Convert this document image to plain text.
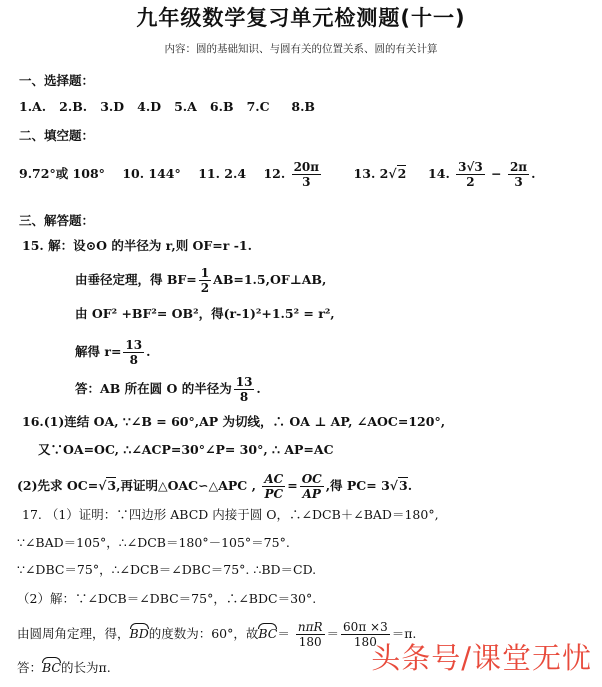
九年级数学复习单元检测题(十一)
内容：圆的基础知识、与圆有关的位置关系、圆的有关计算
一、选择题：
1.A. 2.B. 3.D 4.D 5.A 6.B 7.C 8.B
二、填空题：
9.72°或 108° 10. 144° 11. 2.4 12. $\frac{20\pi}{3}$	13. 2√2 14. $\frac{3√3}{2} - \frac{2\pi}{3}$ .
三、解答题：
15. 解：设⊙O 的半径为 r,则 OF=r -1.
由垂径定理，得 $BF= \frac{1}{2}$ AB=1.5,OF⊥AB,
由 OF² +BF²= OB²，得(r-1)²+1.5² = r²,
解得 $r= \frac{13}{8}$ .
答：AB 所在圆 O 的半径为 $\frac{13}{8}$ .
16.(1)连结 OA, ∵∠B = 60°,AP 为切线，∴ OA ⊥ AP, ∠AOC=120°,
又∵OA=OC, ∴∠ACP=30°∠P= 30°, ∴ AP=AC
(2)先求 OC=√3,再证明△OAC∽△APC , $\frac{AC}{PC} = \frac{OC}{AP}$ ,得 PC= 3√3.
17. （1）证明：∵四边形 ABCD 内接于圆 O，∴∠DCB＋∠BAD＝180°,
∵∠BAD＝105°，∴∠DCB＝180°－105°＝75°.
∵∠DBC＝75°，∴∠DCB＝∠DBC＝75°. ∴BD＝CD.
（2）解：∵∠DCB＝∠DBC＝75°，∴∠BDC＝30°.
由圆周角定理，得，BD的度数为：60°，故$BC= \frac{\text{nπR}}{180} = \frac{60\pi \times 3}{180} =\pi$.
答：BC的长为π.	头条号/课堂无忧
